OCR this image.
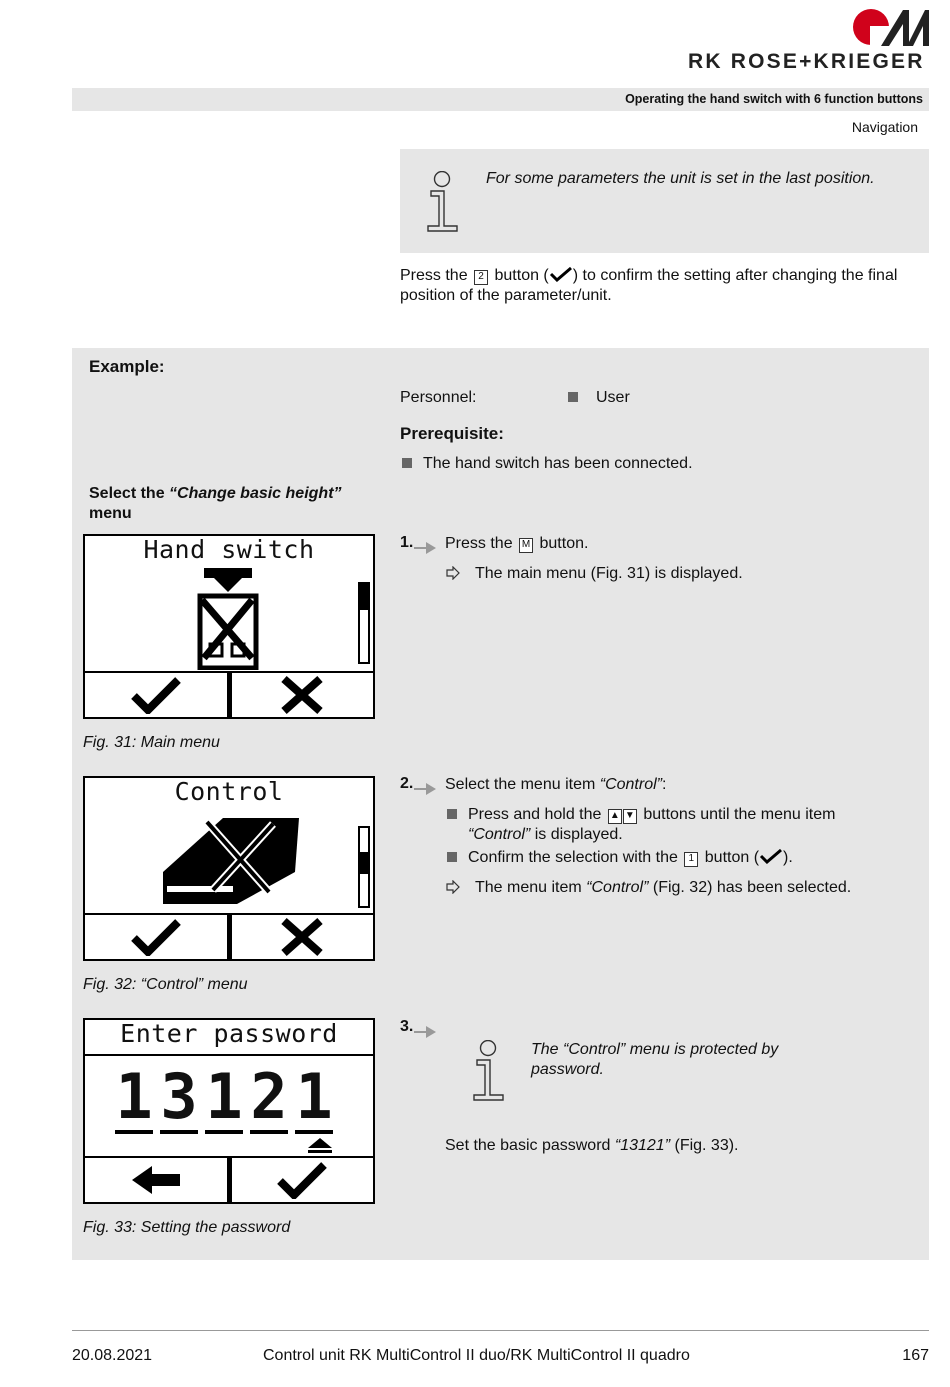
RK ROSE+KRIEGER
Operating the hand switch with 6 function buttons
Navigation
For some parameters the unit is set in the last position.
Press the 2 button ( ) to confirm the setting after changing the final position of the parameter/unit.
Example:
Personnel:	User
Prerequisite:
The hand switch has been connected.
Select the “Change basic height”
menu
Hand switch
Fig. 31: Main menu
1. Press the M button.
The main menu (Fig. 31) is displayed.
Control
Fig. 32: “Control” menu
2. Select the menu item “Control”:
Press and hold the ▲ ▼ buttons until the menu item
“Control” is displayed.
Confirm the selection with the 1 button ( ).
The menu item “Control” (Fig. 32) has been selected.
Enter password
1 3 1 2 1
Fig. 33: Setting the password
3.
The “Control” menu is protected by password.
Set the basic password “13121” (Fig. 33).
20.08.2021	Control unit RK MultiControl II duo/RK MultiControl II quadro	167
